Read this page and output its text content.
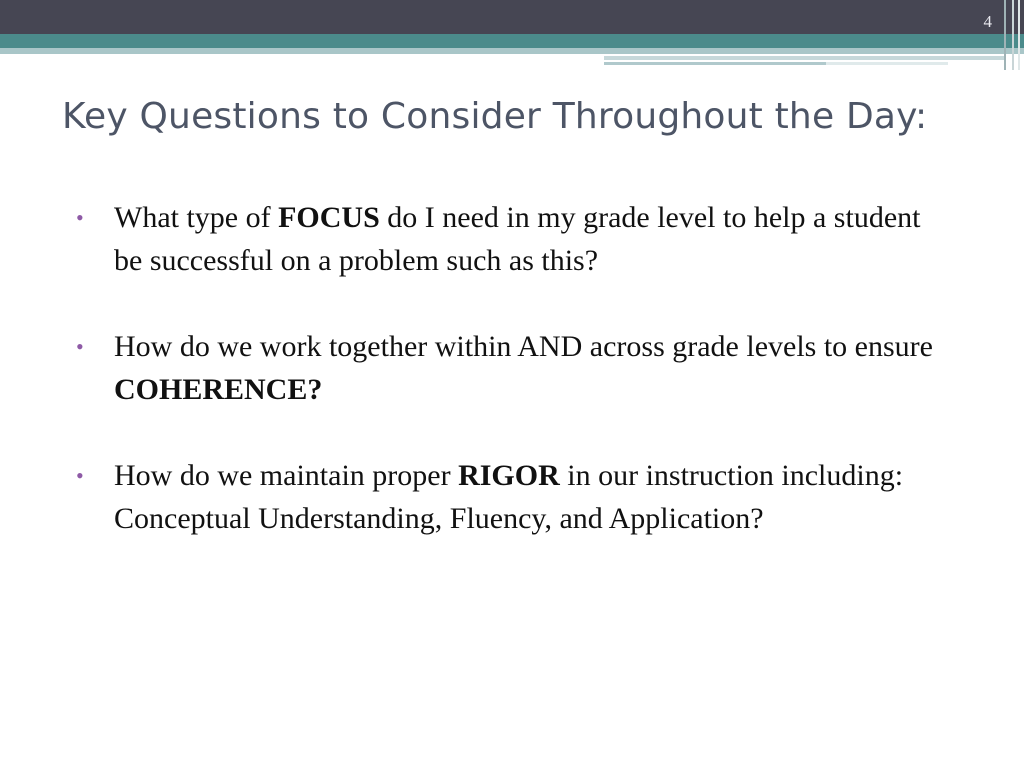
4
Key Questions to Consider Throughout the Day:
• What type of FOCUS do I need in my grade level to help a student be successful on a problem such as this?
• How do we work together within AND across grade levels to ensure COHERENCE?
• How do we maintain proper RIGOR in our instruction including: Conceptual Understanding, Fluency, and Application?
